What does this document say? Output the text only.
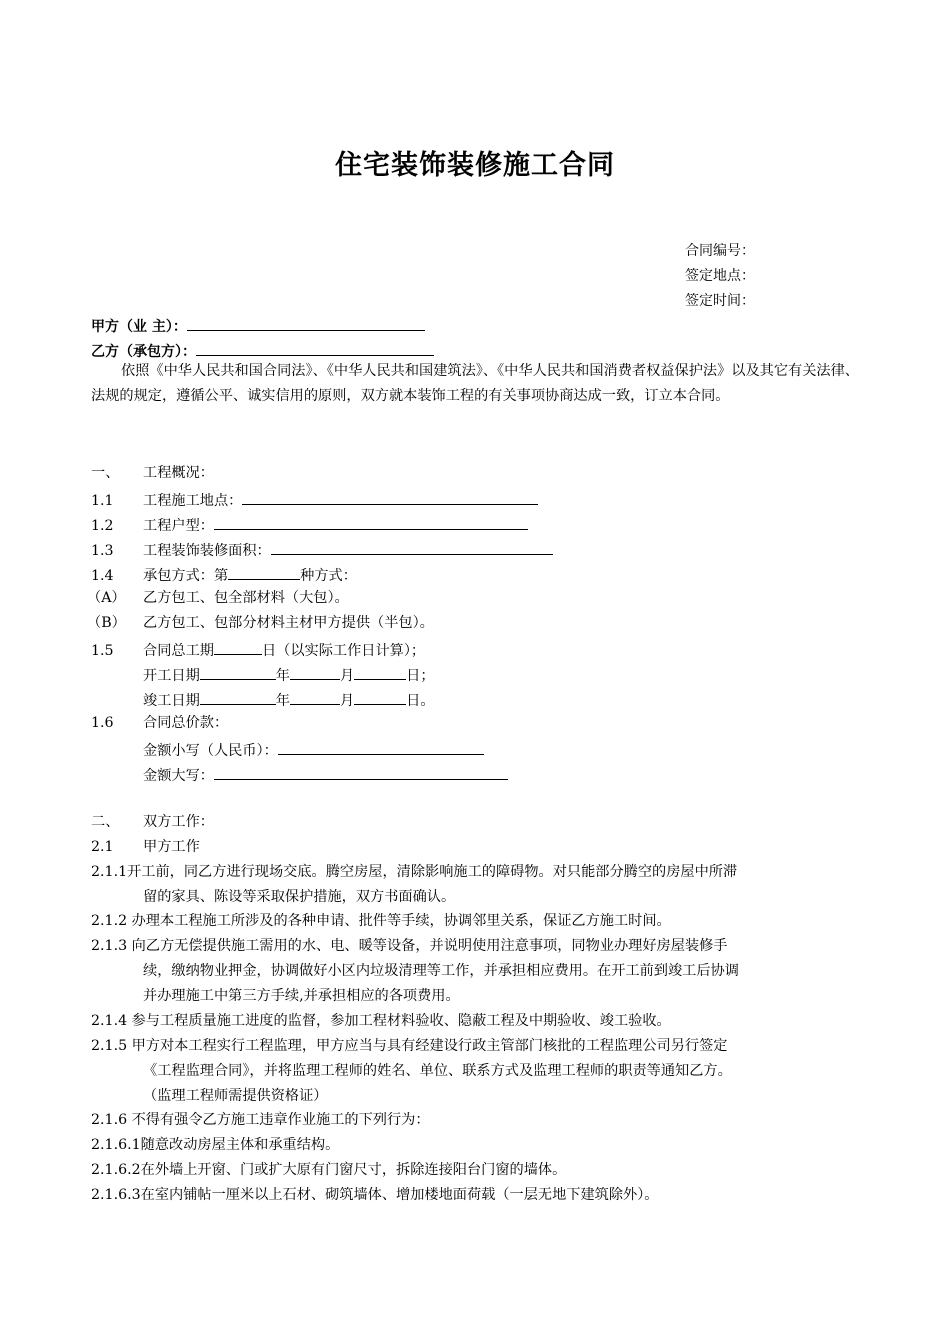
住宅装饰装修施工合同
合同编号：
签定地点：
签定时间：
甲方（业 主）：
乙方（承包方）：
依照《中华人民共和国合同法》、《中华人民共和国建筑法》、《中华人民共和国消费者权益保护法》以及其它有关法律、法规的规定，遵循公平、诚实信用的原则，双方就本装饰工程的有关事项协商达成一致，订立本合同。
一、 工程概况：
1.1 工程施工地点：
1.2 工程户型：
1.3 工程装饰装修面积：
1.4 承包方式：第	种方式：
（A） 乙方包工、包全部材料（大包）。
（B） 乙方包工、包部分材料主材甲方提供（半包）。
1.5 合同总工期	日（以实际工作日计算）；
开工日期	年	月	日；
竣工日期	年	月	日。
1.6 合同总价款：
金额小写（人民币）：
金额大写：
二、 双方工作：
2.1 甲方工作
2.1.1开工前，同乙方进行现场交底。腾空房屋，清除影响施工的障碍物。对只能部分腾空的房屋中所滞
留的家具、陈设等采取保护措施，双方书面确认。
2.1.2 办理本工程施工所涉及的各种申请、批件等手续，协调邻里关系，保证乙方施工时间。
2.1.3 向乙方无偿提供施工需用的水、电、暖等设备，并说明使用注意事项，同物业办理好房屋装修手
续，缴纳物业押金，协调做好小区内垃圾清理等工作，并承担相应费用。在开工前到竣工后协调
并办理施工中第三方手续,并承担相应的各项费用。
2.1.4 参与工程质量施工进度的监督，参加工程材料验收、隐蔽工程及中期验收、竣工验收。
2.1.5 甲方对本工程实行工程监理，甲方应当与具有经建设行政主管部门核批的工程监理公司另行签定
《工程监理合同》，并将监理工程师的姓名、单位、联系方式及监理工程师的职责等通知乙方。
（监理工程师需提供资格证）
2.1.6 不得有强令乙方施工违章作业施工的下列行为：
2.1.6.1随意改动房屋主体和承重结构。
2.1.6.2在外墙上开窗、门或扩大原有门窗尺寸，拆除连接阳台门窗的墙体。
2.1.6.3在室内铺帖一厘米以上石材、砌筑墙体、增加楼地面荷载（一层无地下建筑除外）。
